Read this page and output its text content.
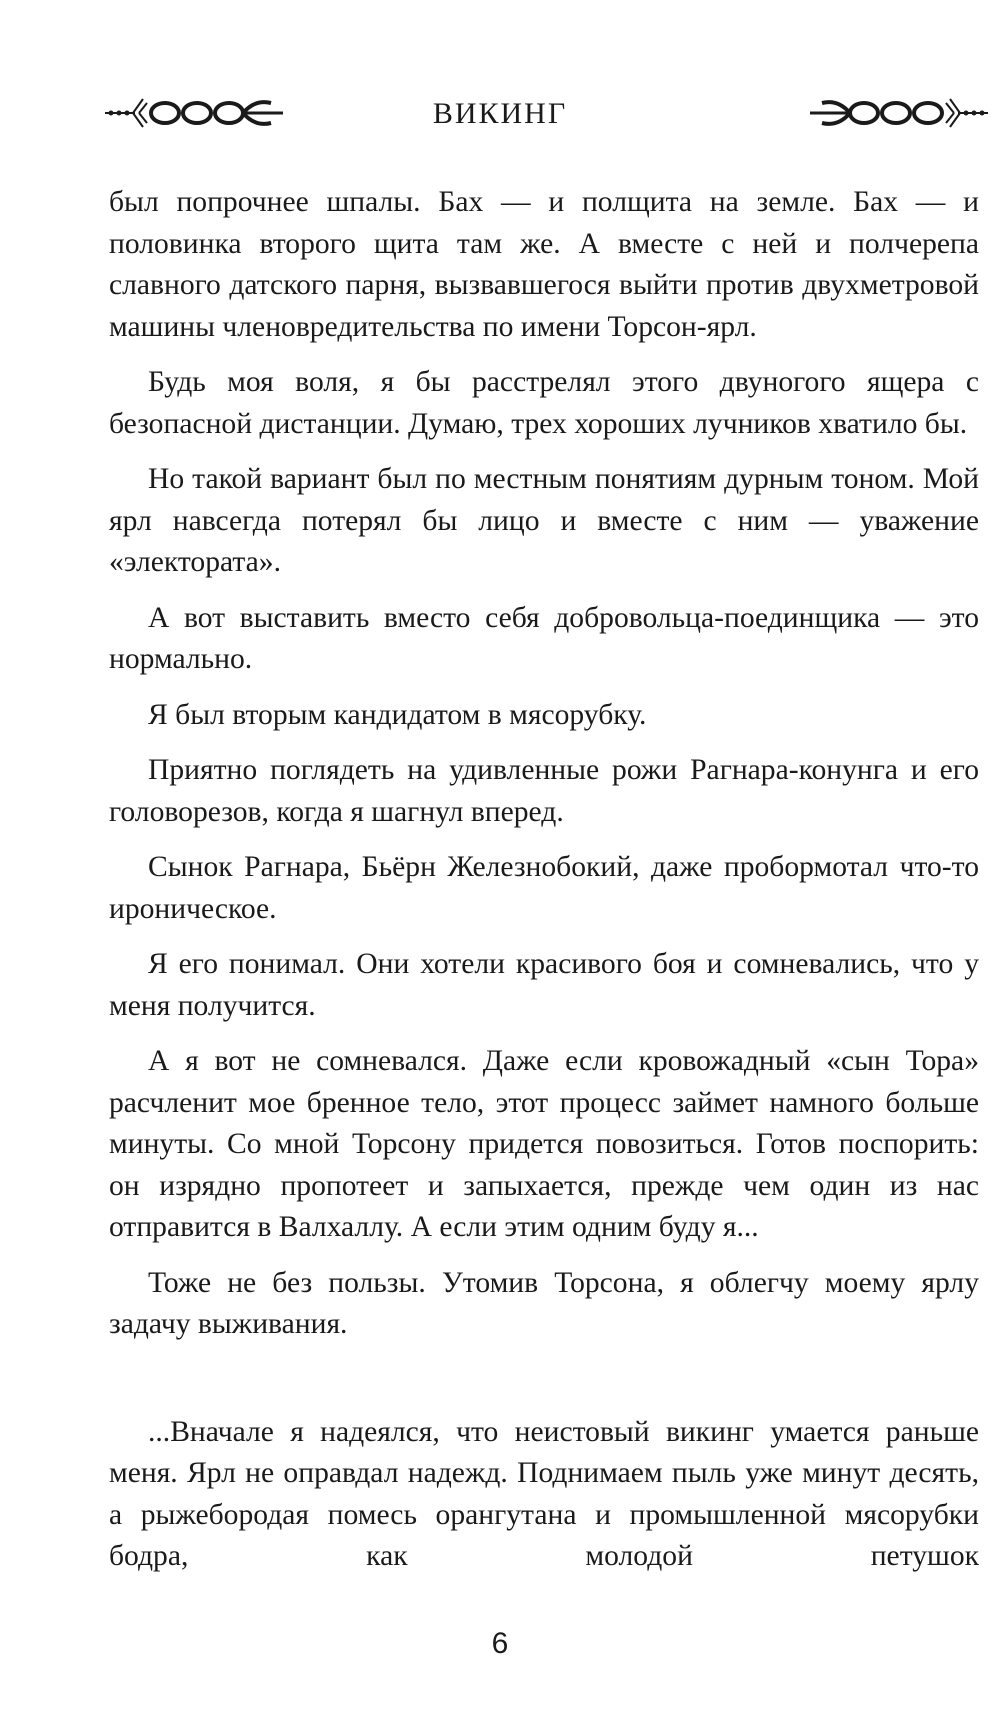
ВИКИНГ

был попрочнее шпалы. Бах — и полщита на земле. Бах — и половинка второго щита там же. А вместе с ней и полчерепа славного датского парня, вызвавшегося выйти против двухметровой машины членовредительства по имени Торсон-ярл.

Будь моя воля, я бы расстрелял этого двуногого ящера с безопасной дистанции. Думаю, трех хороших лучников хватило бы.

Но такой вариант был по местным понятиям дурным тоном. Мой ярл навсегда потерял бы лицо и вместе с ним — уважение «электората».

А вот выставить вместо себя добровольца-поединщика — это нормально.

Я был вторым кандидатом в мясорубку.

Приятно поглядеть на удивленные рожи Рагнара-конунга и его головорезов, когда я шагнул вперед.

Сынок Рагнара, Бьёрн Железнобокий, даже пробормотал что-то ироническое.

Я его понимал. Они хотели красивого боя и сомневались, что у меня получится.

А я вот не сомневался. Даже если кровожадный «сын Тора» расчленит мое бренное тело, этот процесс займет намного больше минуты. Со мной Торсону придется повозиться. Готов поспорить: он изрядно пропотеет и запыхается, прежде чем один из нас отправится в Валхаллу. А если этим одним буду я...

Тоже не без пользы. Утомив Торсона, я облегчу моему ярлу задачу выживания.

...Вначале я надеялся, что неистовый викинг умается раньше меня. Ярл не оправдал надежд. Поднимаем пыль уже минут десять, а рыжебородая помесь орангутана и промышленной мясорубки бодра, как молодой петушок

6
